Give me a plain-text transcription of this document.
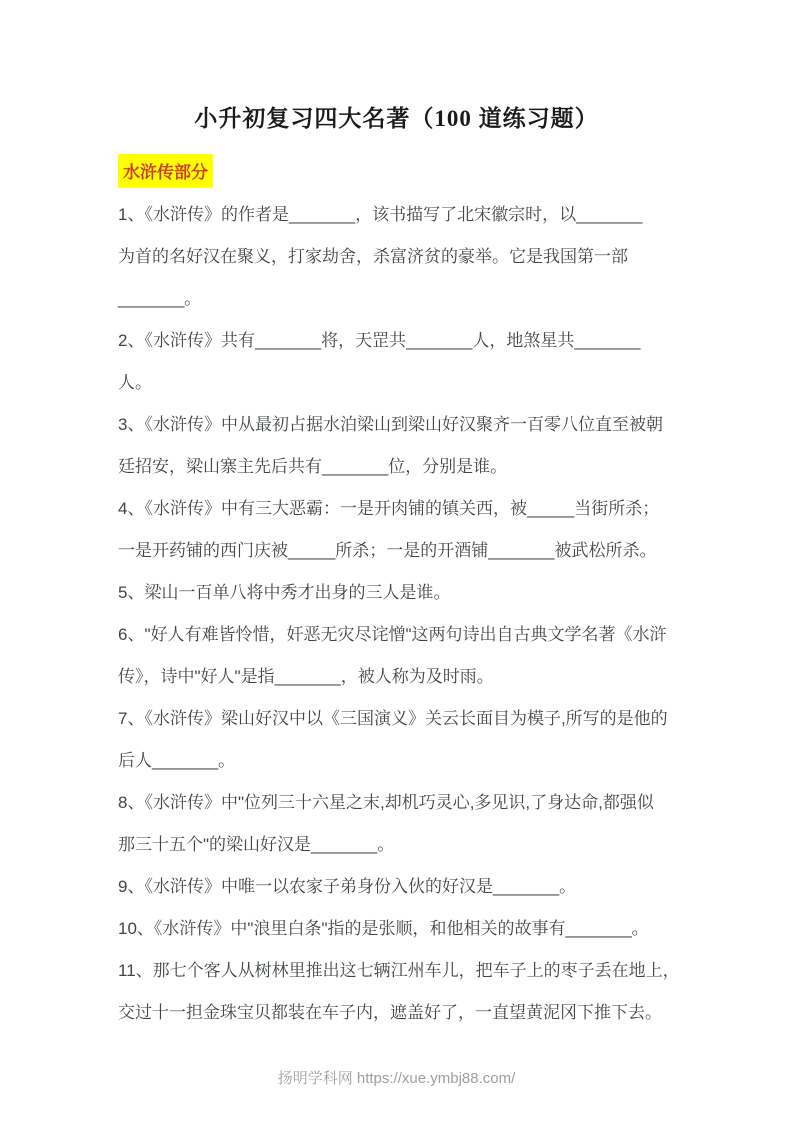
小升初复习四大名著（100 道练习题）
水浒传部分
1、《水浒传》的作者是_______，该书描写了北宋徽宗时，以_______
为首的名好汉在聚义，打家劫舍，杀富济贫的豪举。它是我国第一部
_______。
2、《水浒传》共有_______将，天罡共_______人，地煞星共_______
人。
3、《水浒传》中从最初占据水泊梁山到梁山好汉聚齐一百零八位直至被朝
廷招安，梁山寨主先后共有_______位，分别是谁。
4、《水浒传》中有三大恶霸：一是开肉铺的镇关西，被_____当街所杀；
一是开药铺的西门庆被_____所杀；一是的开酒铺_______被武松所杀。
5、梁山一百单八将中秀才出身的三人是谁。
6、"好人有难皆怜惜，奸恶无灾尽诧憎"这两句诗出自古典文学名著《水浒
传》，诗中"好人"是指_______，被人称为及时雨。
7、《水浒传》梁山好汉中以《三国演义》关云长面目为模子,所写的是他的
后人_______。
8、《水浒传》中"位列三十六星之末,却机巧灵心,多见识,了身达命,都强似
那三十五个"的梁山好汉是_______。
9、《水浒传》中唯一以农家子弟身份入伙的好汉是_______。
10、《水浒传》中"浪里白条"指的是张顺，和他相关的故事有_______。
11、那七个客人从树林里推出这七辆江州车儿，把车子上的枣子丢在地上，
交过十一担金珠宝贝都装在车子内，遮盖好了，一直望黄泥冈下推下去。
扬明学科网 https://xue.ymbj88.com/
